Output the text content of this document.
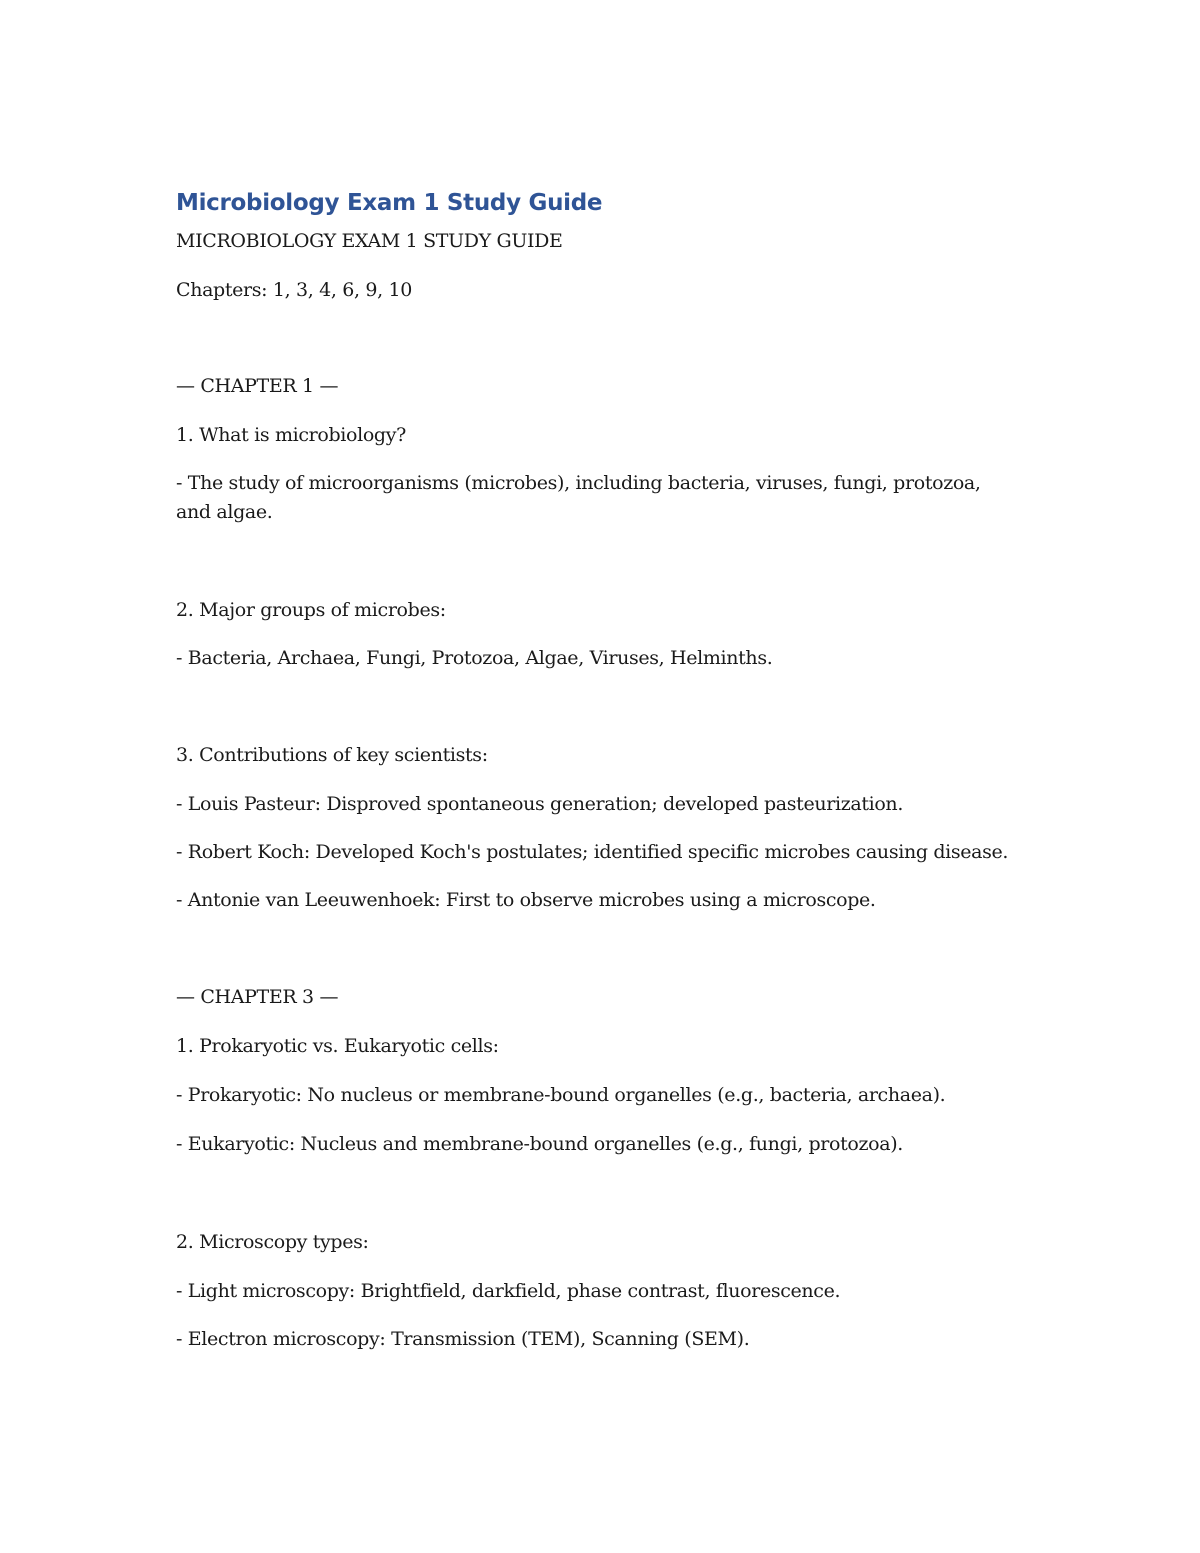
Microbiology Exam 1 Study Guide
MICROBIOLOGY EXAM 1 STUDY GUIDE
Chapters: 1, 3, 4, 6, 9, 10
— CHAPTER 1 —
1. What is microbiology?
- The study of microorganisms (microbes), including bacteria, viruses, fungi, protozoa, and algae.
2. Major groups of microbes:
- Bacteria, Archaea, Fungi, Protozoa, Algae, Viruses, Helminths.
3. Contributions of key scientists:
- Louis Pasteur: Disproved spontaneous generation; developed pasteurization.
- Robert Koch: Developed Koch's postulates; identified specific microbes causing disease.
- Antonie van Leeuwenhoek: First to observe microbes using a microscope.
— CHAPTER 3 —
1. Prokaryotic vs. Eukaryotic cells:
- Prokaryotic: No nucleus or membrane-bound organelles (e.g., bacteria, archaea).
- Eukaryotic: Nucleus and membrane-bound organelles (e.g., fungi, protozoa).
2. Microscopy types:
- Light microscopy: Brightfield, darkfield, phase contrast, fluorescence.
- Electron microscopy: Transmission (TEM), Scanning (SEM).
